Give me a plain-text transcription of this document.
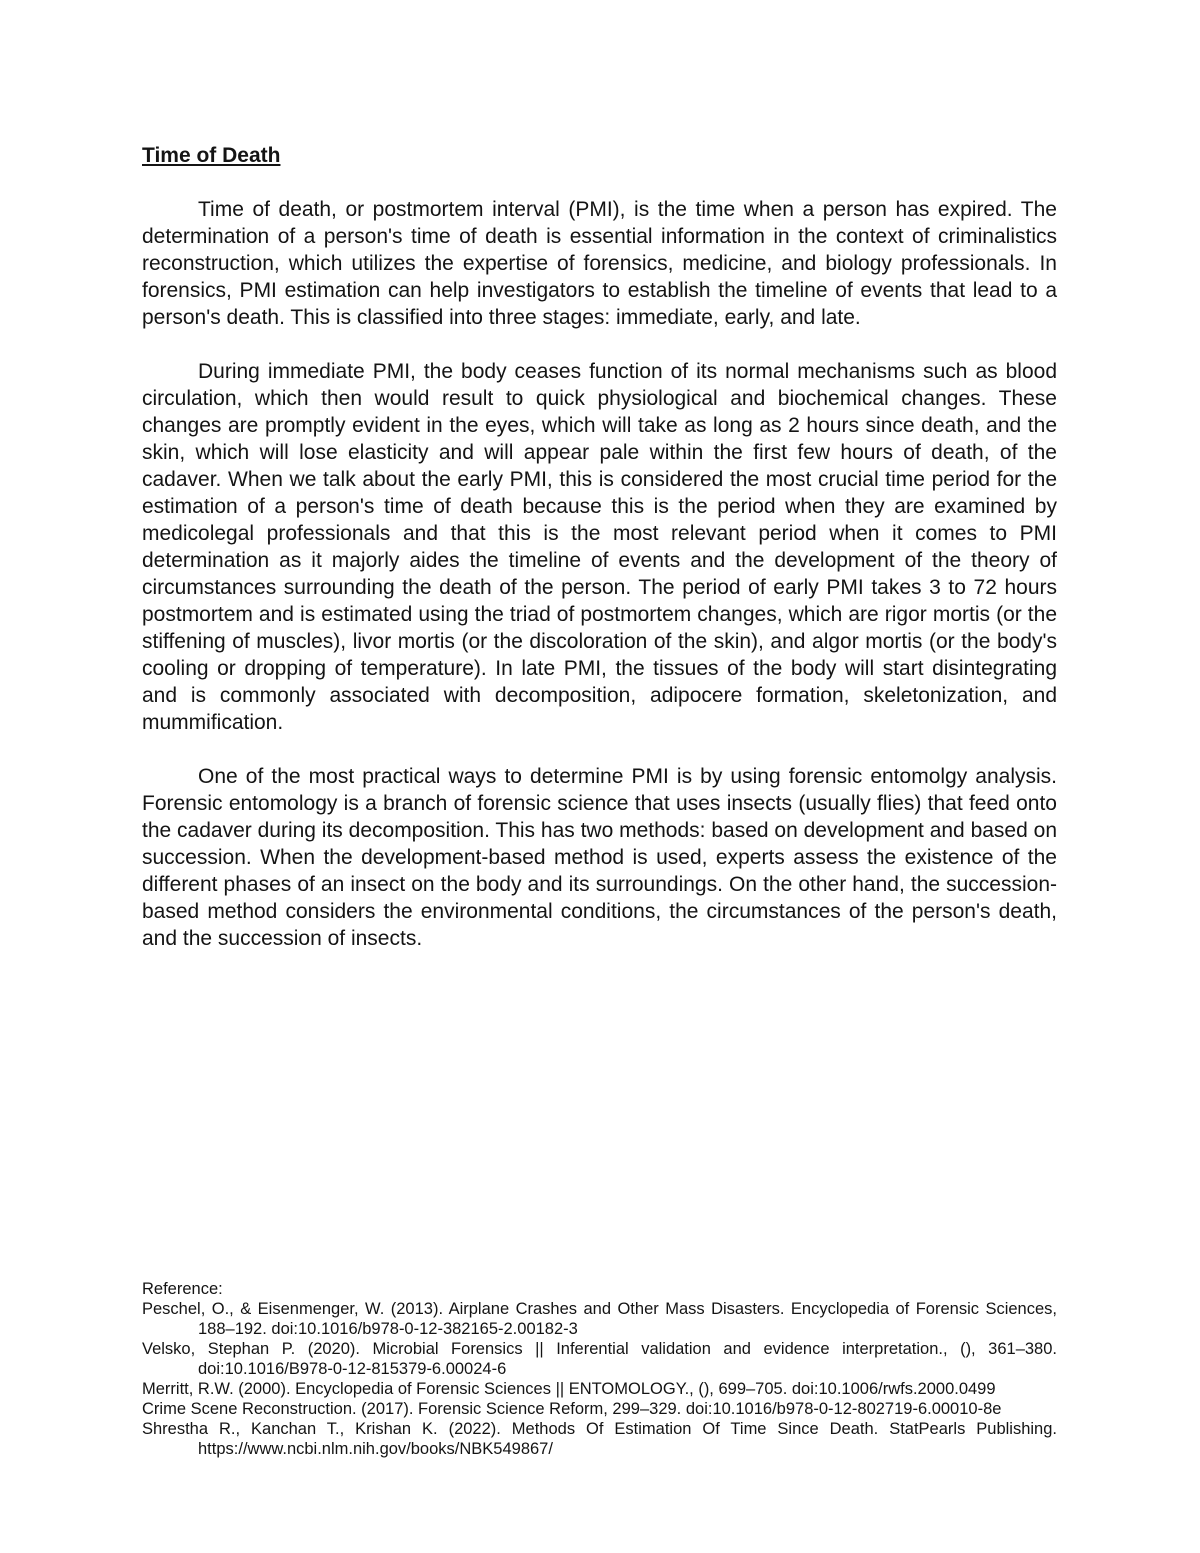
Time of Death

Time of death, or postmortem interval (PMI), is the time when a person has expired. The determination of a person's time of death is essential information in the context of criminalistics reconstruction, which utilizes the expertise of forensics, medicine, and biology professionals. In forensics, PMI estimation can help investigators to establish the timeline of events that lead to a person's death. This is classified into three stages: immediate, early, and late.

During immediate PMI, the body ceases function of its normal mechanisms such as blood circulation, which then would result to quick physiological and biochemical changes. These changes are promptly evident in the eyes, which will take as long as 2 hours since death, and the skin, which will lose elasticity and will appear pale within the first few hours of death, of the cadaver. When we talk about the early PMI, this is considered the most crucial time period for the estimation of a person's time of death because this is the period when they are examined by medicolegal professionals and that this is the most relevant period when it comes to PMI determination as it majorly aides the timeline of events and the development of the theory of circumstances surrounding the death of the person. The period of early PMI takes 3 to 72 hours postmortem and is estimated using the triad of postmortem changes, which are rigor mortis (or the stiffening of muscles), livor mortis (or the discoloration of the skin), and algor mortis (or the body's cooling or dropping of temperature). In late PMI, the tissues of the body will start disintegrating and is commonly associated with decomposition, adipocere formation, skeletonization, and mummification.

One of the most practical ways to determine PMI is by using forensic entomolgy analysis. Forensic entomology is a branch of forensic science that uses insects (usually flies) that feed onto the cadaver during its decomposition. This has two methods: based on development and based on succession. When the development-based method is used, experts assess the existence of the different phases of an insect on the body and its surroundings. On the other hand, the succession-based method considers the environmental conditions, the circumstances of the person's death, and the succession of insects.

Reference:

Peschel, O., & Eisenmenger, W. (2013). Airplane Crashes and Other Mass Disasters. Encyclopedia of Forensic Sciences, 188–192. doi:10.1016/b978-0-12-382165-2.00182-3

Velsko, Stephan P. (2020). Microbial Forensics || Inferential validation and evidence interpretation., (), 361–380. doi:10.1016/B978-0-12-815379-6.00024-6

Merritt, R.W. (2000). Encyclopedia of Forensic Sciences || ENTOMOLOGY., (), 699–705. doi:10.1006/rwfs.2000.0499

Crime Scene Reconstruction. (2017). Forensic Science Reform, 299–329. doi:10.1016/b978-0-12-802719-6.00010-8e

Shrestha R., Kanchan T., Krishan K. (2022). Methods Of Estimation Of Time Since Death. StatPearls Publishing. https://www.ncbi.nlm.nih.gov/books/NBK549867/
